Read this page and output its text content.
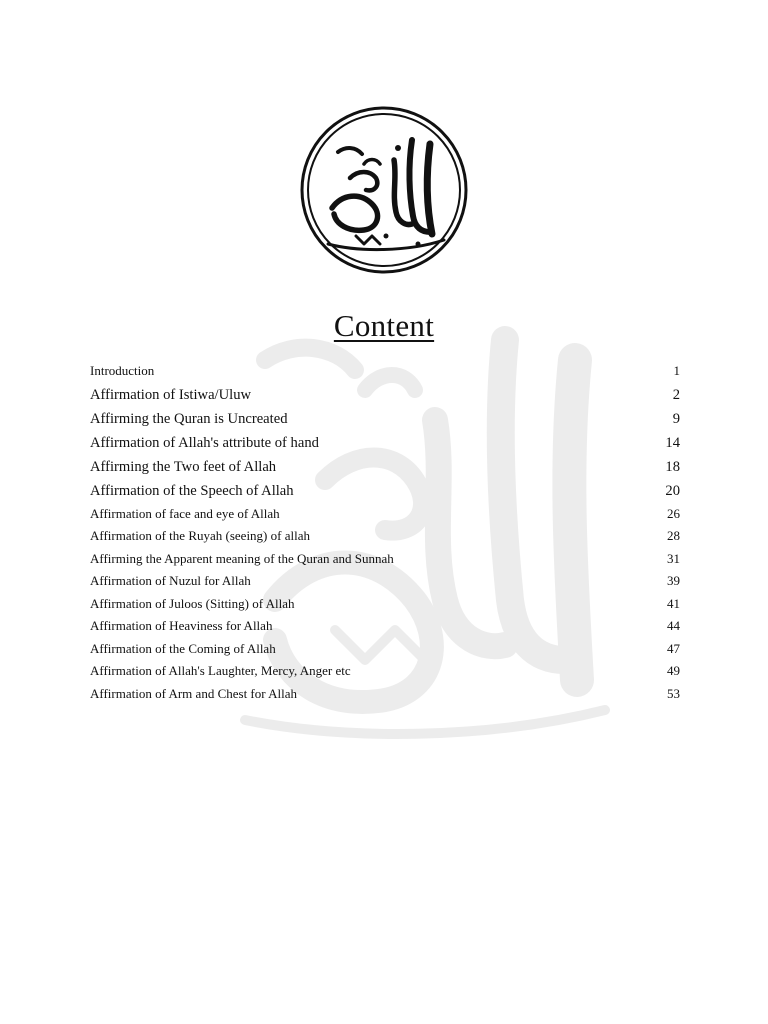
Content
Introduction	1
Affirmation of Istiwa/Uluw	2
Affirming the Quran is Uncreated	9
Affirmation of Allah's attribute of hand	14
Affirming the Two feet of Allah	18
Affirmation of the Speech of Allah	20
Affirmation of face and eye of Allah	26
Affirmation of the Ruyah (seeing) of allah	28
Affirming the Apparent meaning of the Quran and Sunnah	31
Affirmation of Nuzul for Allah	39
Affirmation of Juloos (Sitting) of Allah	41
Affirmation of Heaviness for Allah	44
Affirmation of the Coming of Allah	47
Affirmation of Allah's Laughter, Mercy, Anger etc	49
Affirmation of Arm and Chest for Allah	53
